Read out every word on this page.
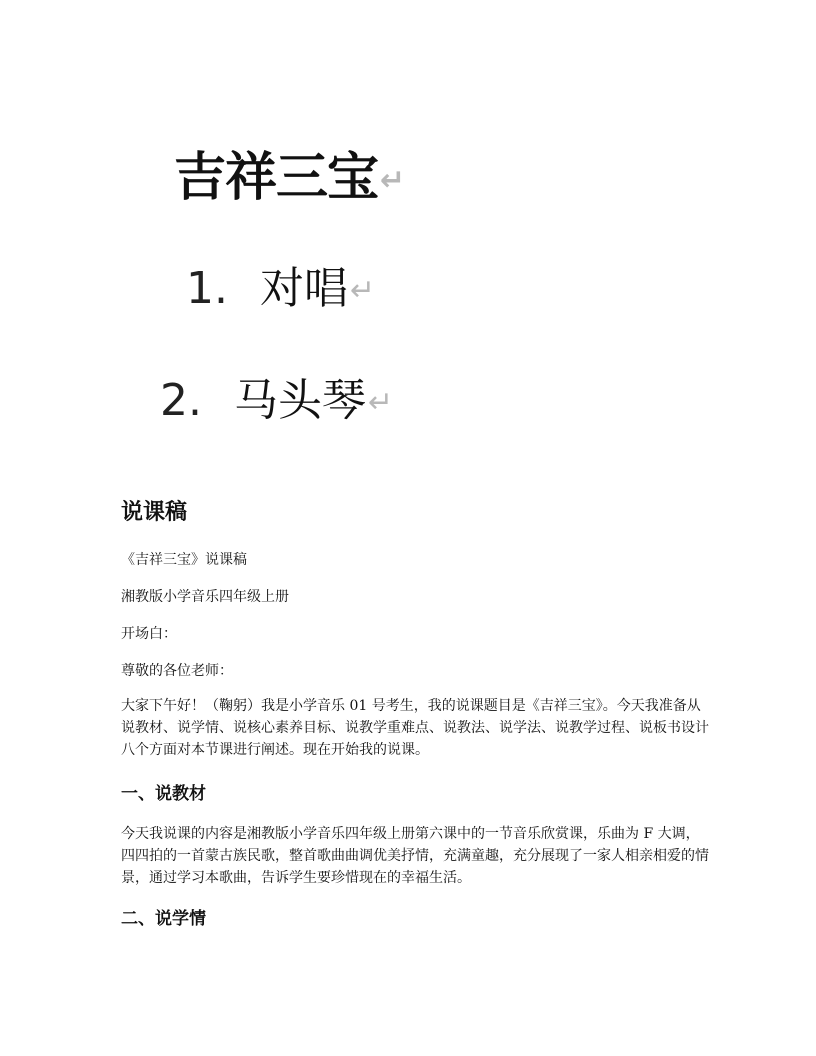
吉祥三宝↵
1. 对唱↵
2. 马头琴↵
说课稿
《吉祥三宝》说课稿
湘教版小学音乐四年级上册
开场白：
尊敬的各位老师：
大家下午好！（鞠躬）我是小学音乐 01 号考生，我的说课题目是《吉祥三宝》。今天我准备从说教材、说学情、说核心素养目标、说教学重难点、说教法、说学法、说教学过程、说板书设计八个方面对本节课进行阐述。现在开始我的说课。
一、说教材
今天我说课的内容是湘教版小学音乐四年级上册第六课中的一节音乐欣赏课，乐曲为 F 大调，四四拍的一首蒙古族民歌，整首歌曲曲调优美抒情，充满童趣，充分展现了一家人相亲相爱的情景，通过学习本歌曲，告诉学生要珍惜现在的幸福生活。
二、说学情
